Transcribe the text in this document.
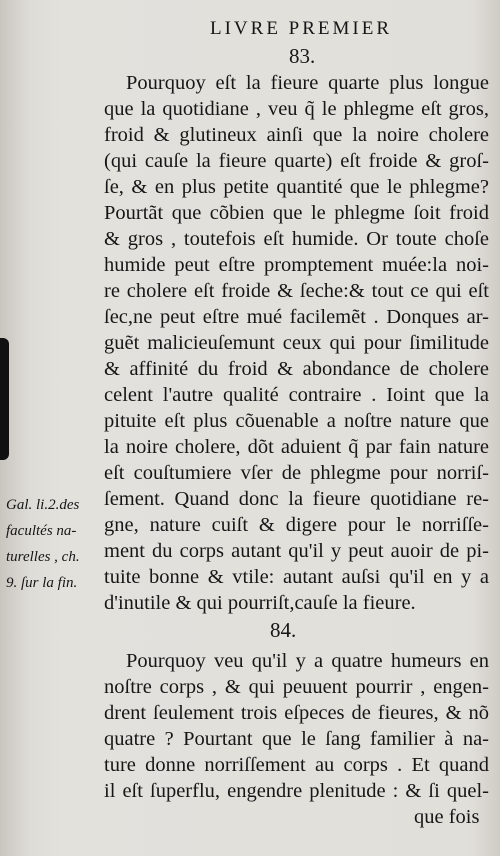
LIVRE PREMIER
83.
Pourquoy eſt la fieure quarte plus longue
que la quotidiane , veu q̃ le phlegme eſt gros,
froid & glutineux ainſi que la noire cholere
(qui cauſe la fieure quarte) eſt froide & groſ-
ſe, & en plus petite quantité que le phlegme?
Pourtãt que cõbien que le phlegme ſoit froid
& gros , toutefois eſt humide. Or toute choſe
humide peut eſtre promptement muée:la noi-
re cholere eſt froide & ſeche:& tout ce qui eſt
ſec,ne peut eſtre mué facilemẽt . Donques ar-
guẽt malicieuſemunt ceux qui pour ſimilitude
& affinité du froid & abondance de cholere
celent l'autre qualité contraire . Ioint que la
pituite eſt plus cõuenable a noſtre nature que
la noire cholere, dõt aduient q̃ par fain nature
eſt couſtumiere vſer de phlegme pour norriſ-
ſement. Quand donc la fieure quotidiane re-
gne, nature cuiſt & digere pour le norriſſe-
ment du corps autant qu'il y peut auoir de pi-
tuite bonne & vtile: autant auſsi qu'il en y a
d'inutile & qui pourriſt,cauſe la fieure.
Gal. li.2.des
facultés na-
turelles , ch.
9. ſur la fin.
84.
Pourquoy veu qu'il y a quatre humeurs en
noſtre corps , & qui peuuent pourrir , engen-
drent ſeulement trois eſpeces de fieures, & nõ
quatre ? Pourtant que le ſang familier à na-
ture donne norriſſement au corps . Et quand
il eſt ſuperflu, engendre plenitude : & ſi quel-
que fois
